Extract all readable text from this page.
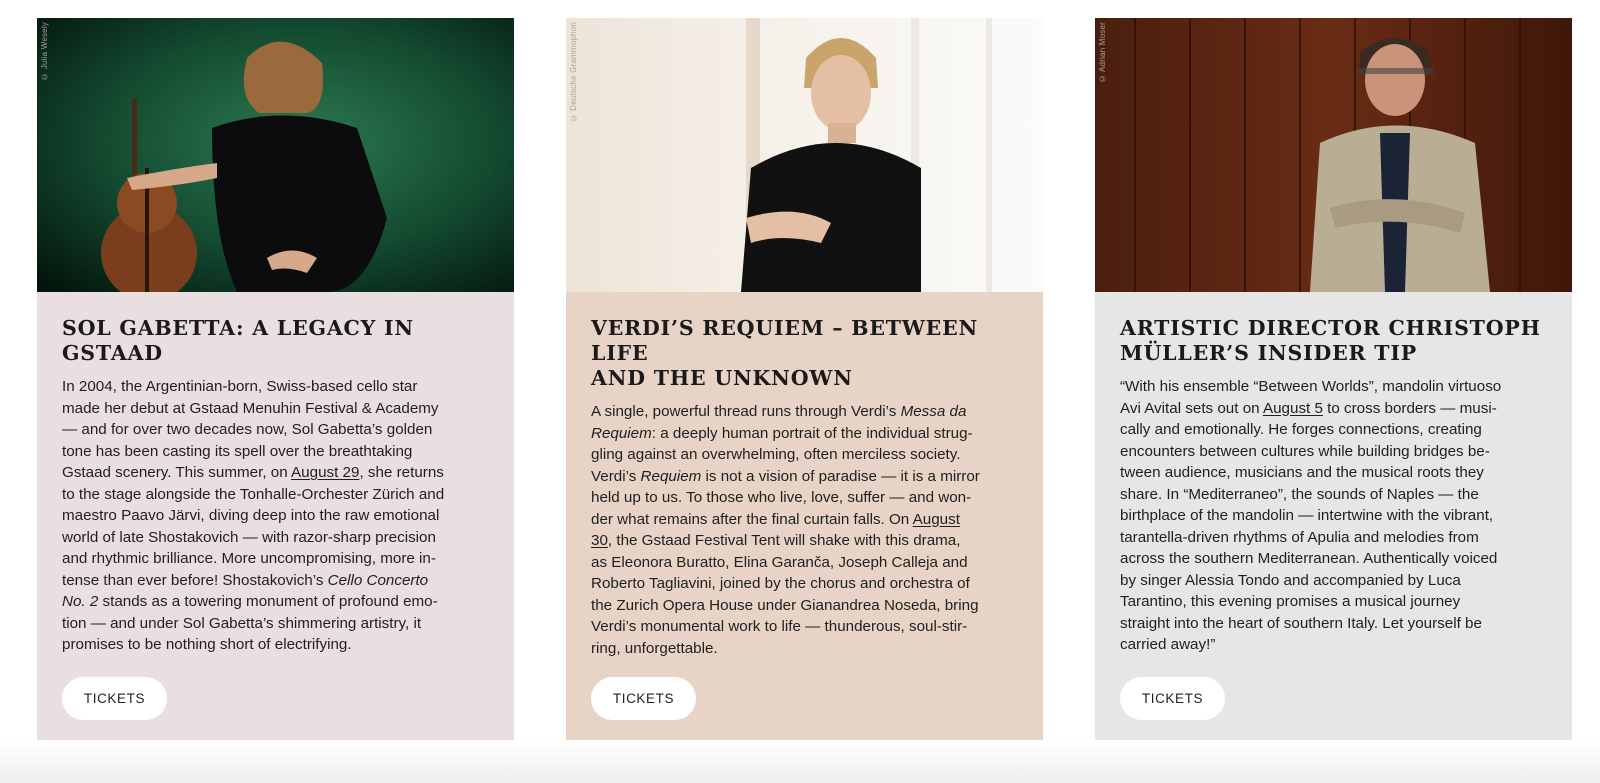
© Julia Wesely
SOL GABETTA: A LEGACY IN
GSTAAD

In 2004, the Argentinian-born, Swiss-based cello star
made her debut at Gstaad Menuhin Festival & Academy
— and for over two decades now, Sol Gabetta’s golden
tone has been casting its spell over the breathtaking
Gstaad scenery. This summer, on August 29, she returns
to the stage alongside the Tonhalle-Orchester Zürich and
maestro Paavo Järvi, diving deep into the raw emotional
world of late Shostakovich — with razor-sharp precision
and rhythmic brilliance. More uncompromising, more in-
tense than ever before! Shostakovich’s Cello Concerto
No. 2 stands as a towering monument of profound emo-
tion — and under Sol Gabetta’s shimmering artistry, it
promises to be nothing short of electrifying.

TICKETS
© Deutsche Grammophon
VERDI’S REQUIEM – BETWEEN LIFE
AND THE UNKNOWN

A single, powerful thread runs through Verdi’s Messa da
Requiem: a deeply human portrait of the individual strug-
gling against an overwhelming, often merciless society.
Verdi’s Requiem is not a vision of paradise — it is a mirror
held up to us. To those who live, love, suffer — and won-
der what remains after the final curtain falls. On August
30, the Gstaad Festival Tent will shake with this drama,
as Eleonora Buratto, Elina Garanča, Joseph Calleja and
Roberto Tagliavini, joined by the chorus and orchestra of
the Zurich Opera House under Gianandrea Noseda, bring
Verdi’s monumental work to life — thunderous, soul-stir-
ring, unforgettable.

TICKETS
© Adrian Moser
ARTISTIC DIRECTOR CHRISTOPH
MÜLLER’S INSIDER TIP

“With his ensemble “Between Worlds”, mandolin virtuoso
Avi Avital sets out on August 5 to cross borders — musi-
cally and emotionally. He forges connections, creating
encounters between cultures while building bridges be-
tween audience, musicians and the musical roots they
share. In “Mediterraneo”, the sounds of Naples — the
birthplace of the mandolin — intertwine with the vibrant,
tarantella-driven rhythms of Apulia and melodies from
across the southern Mediterranean. Authentically voiced
by singer Alessia Tondo and accompanied by Luca
Tarantino, this evening promises a musical journey
straight into the heart of southern Italy. Let yourself be
carried away!”

TICKETS
